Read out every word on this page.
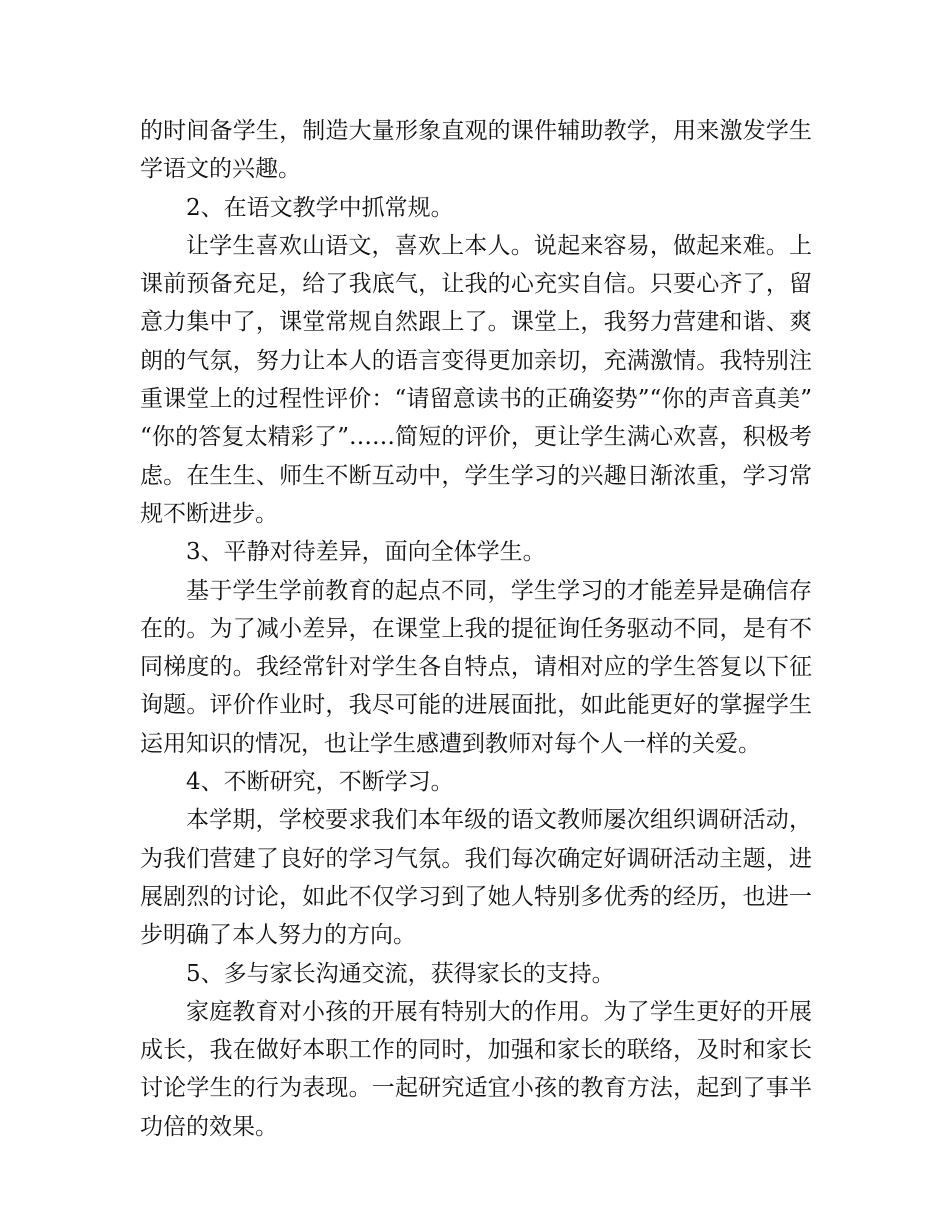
的时间备学生，制造大量形象直观的课件辅助教学，用来激发学生学语文的兴趣。

2、在语文教学中抓常规。

让学生喜欢山语文，喜欢上本人。说起来容易，做起来难。上课前预备充足，给了我底气，让我的心充实自信。只要心齐了，留意力集中了，课堂常规自然跟上了。课堂上，我努力营建和谐、爽朗的气氛，努力让本人的语言变得更加亲切，充满激情。我特别注重课堂上的过程性评价：“请留意读书的正确姿势”“你的声音真美”“你的答复太精彩了”……简短的评价，更让学生满心欢喜，积极考虑。在生生、师生不断互动中，学生学习的兴趣日渐浓重，学习常规不断进步。

3、平静对待差异，面向全体学生。

基于学生学前教育的起点不同，学生学习的才能差异是确信存在的。为了减小差异，在课堂上我的提征询任务驱动不同，是有不同梯度的。我经常针对学生各自特点，请相对应的学生答复以下征询题。评价作业时，我尽可能的进展面批，如此能更好的掌握学生运用知识的情况，也让学生感遭到教师对每个人一样的关爱。

4、不断研究，不断学习。

本学期，学校要求我们本年级的语文教师屡次组织调研活动，为我们营建了良好的学习气氛。我们每次确定好调研活动主题，进展剧烈的讨论，如此不仅学习到了她人特别多优秀的经历，也进一步明确了本人努力的方向。

5、多与家长沟通交流，获得家长的支持。

家庭教育对小孩的开展有特别大的作用。为了学生更好的开展成长，我在做好本职工作的同时，加强和家长的联络，及时和家长讨论学生的行为表现。一起研究适宜小孩的教育方法，起到了事半功倍的效果。
